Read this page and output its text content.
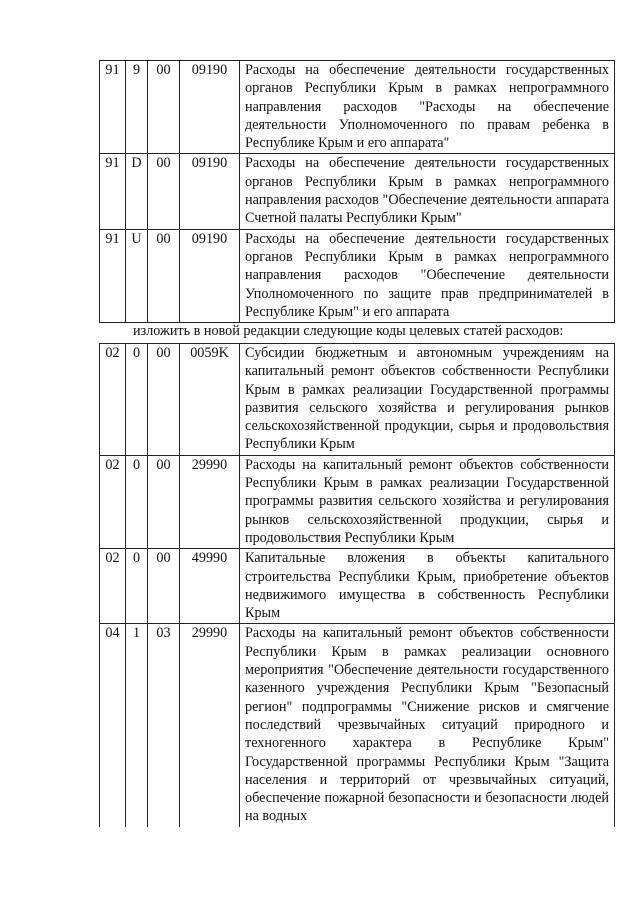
91	9	00	09190	Расходы на обеспечение деятельности государственных органов Республики Крым в рамках непрограммного направления расходов "Расходы на обеспечение деятельности Уполномоченного по правам ребенка в Республике Крым и его аппарата"
91	D	00	09190	Расходы на обеспечение деятельности государственных органов Республики Крым в рамках непрограммного направления расходов "Обеспечение деятельности аппарата Счетной палаты Республики Крым"
91	U	00	09190	Расходы на обеспечение деятельности государственных органов Республики Крым в рамках непрограммного направления расходов "Обеспечение деятельности Уполномоченного по защите прав предпринимателей в Республике Крым" и его аппарата

изложить в новой редакции следующие коды целевых статей расходов:

02	0	00	0059K	Субсидии бюджетным и автономным учреждениям на капитальный ремонт объектов собственности Республики Крым в рамках реализации Государственной программы развития сельского хозяйства и регулирования рынков сельскохозяйственной продукции, сырья и продовольствия Республики Крым
02	0	00	29990	Расходы на капитальный ремонт объектов собственности Республики Крым в рамках реализации Государственной программы развития сельского хозяйства и регулирования рынков сельскохозяйственной продукции, сырья и продовольствия Республики Крым
02	0	00	49990	Капитальные вложения в объекты капитального строительства Республики Крым, приобретение объектов недвижимого имущества в собственность Республики Крым
04	1	03	29990	Расходы на капитальный ремонт объектов собственности Республики Крым в рамках реализации основного мероприятия "Обеспечение деятельности государственного казенного учреждения Республики Крым "Безопасный регион" подпрограммы "Снижение рисков и смягчение последствий чрезвычайных ситуаций природного и техногенного характера в Республике Крым" Государственной программы Республики Крым "Защита населения и территорий от чрезвычайных ситуаций, обеспечение пожарной безопасности и безопасности людей на водных
